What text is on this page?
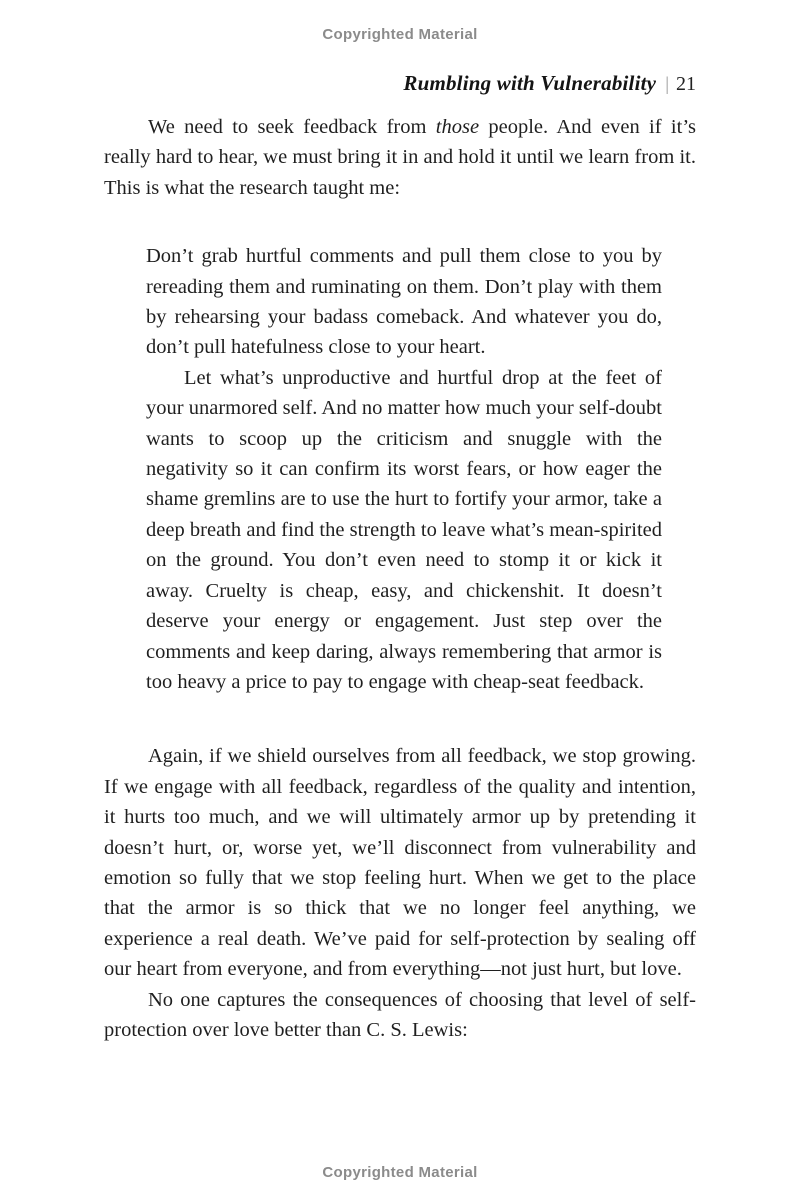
Copyrighted Material
Rumbling with Vulnerability | 21

We need to seek feedback from those people. And even if it’s really hard to hear, we must bring it in and hold it until we learn from it. This is what the research taught me:

Don’t grab hurtful comments and pull them close to you by rereading them and ruminating on them. Don’t play with them by rehearsing your badass comeback. And whatever you do, don’t pull hatefulness close to your heart.

Let what’s unproductive and hurtful drop at the feet of your unarmored self. And no matter how much your self-doubt wants to scoop up the criticism and snuggle with the negativity so it can confirm its worst fears, or how eager the shame gremlins are to use the hurt to fortify your armor, take a deep breath and find the strength to leave what’s mean-spirited on the ground. You don’t even need to stomp it or kick it away. Cruelty is cheap, easy, and chickenshit. It doesn’t deserve your energy or engagement. Just step over the comments and keep daring, always remembering that armor is too heavy a price to pay to engage with cheap-seat feedback.

Again, if we shield ourselves from all feedback, we stop growing. If we engage with all feedback, regardless of the quality and intention, it hurts too much, and we will ultimately armor up by pretending it doesn’t hurt, or, worse yet, we’ll disconnect from vulnerability and emotion so fully that we stop feeling hurt. When we get to the place that the armor is so thick that we no longer feel anything, we experience a real death. We’ve paid for self-protection by sealing off our heart from everyone, and from everything—not just hurt, but love.

No one captures the consequences of choosing that level of self-protection over love better than C. S. Lewis:

Copyrighted Material
